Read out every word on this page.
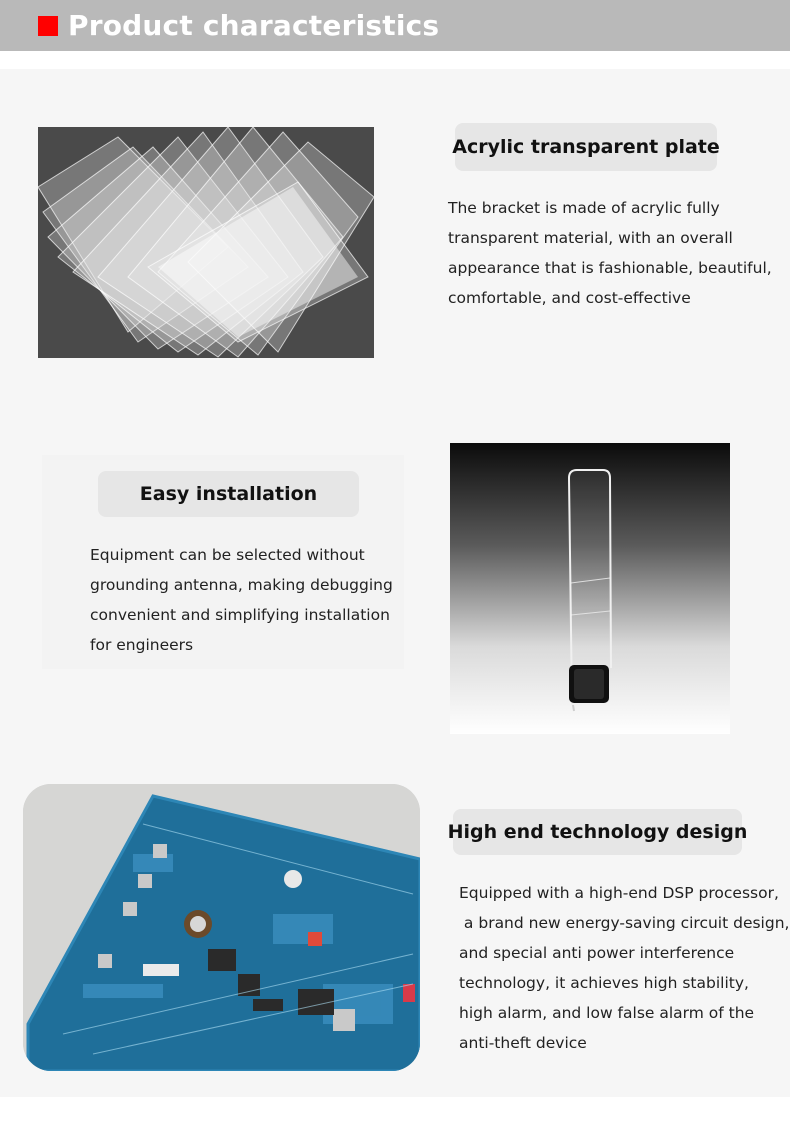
Product characteristics
Acrylic transparent plate
The bracket is made of acrylic fully
transparent material, with an overall
appearance that is fashionable, beautiful,
comfortable, and cost-effective
Easy installation
Equipment can be selected without
grounding antenna, making debugging
convenient and simplifying installation
for engineers
High end technology design
Equipped with a high-end DSP processor,
a brand new energy-saving circuit design,
and special anti power interference
technology, it achieves high stability,
high alarm, and low false alarm of the
anti-theft device
